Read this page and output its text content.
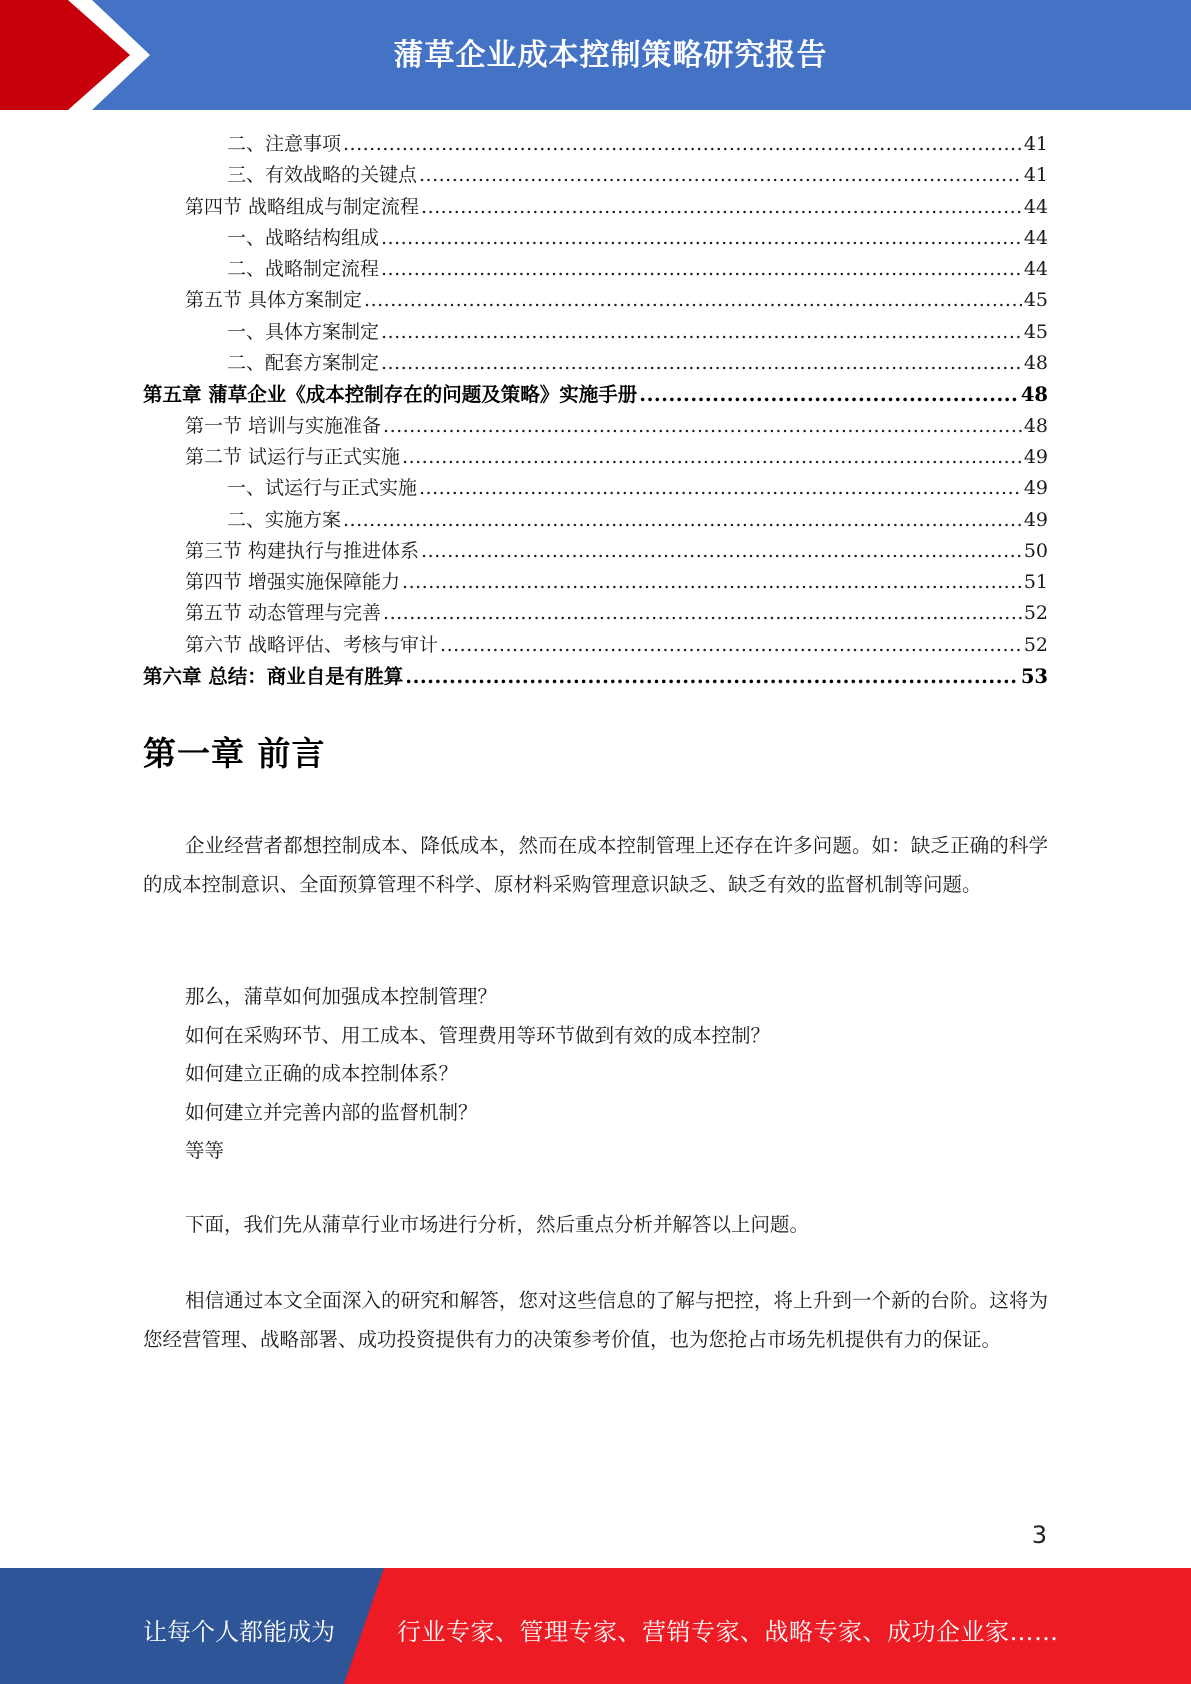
蒲草企业成本控制策略研究报告
二、注意事项 .....	41
三、有效战略的关键点 .....	41
第四节 战略组成与制定流程 .....	44
一、战略结构组成 .....	44
二、战略制定流程 .....	44
第五节 具体方案制定 .....	45
一、具体方案制定 .....	45
二、配套方案制定 .....	48
第五章 蒲草企业《成本控制存在的问题及策略》实施手册 .....	48
第一节 培训与实施准备 .....	48
第二节 试运行与正式实施 .....	49
一、试运行与正式实施 .....	49
二、实施方案 .....	49
第三节 构建执行与推进体系 .....	50
第四节 增强实施保障能力 .....	51
第五节 动态管理与完善 .....	52
第六节 战略评估、考核与审计 .....	52
第六章 总结：商业自是有胜算 .....	53
第一章 前言

企业经营者都想控制成本、降低成本，然而在成本控制管理上还存在许多问题。如：缺乏正确的科学的成本控制意识、全面预算管理不科学、原材料采购管理意识缺乏、缺乏有效的监督机制等问题。

那么，蒲草如何加强成本控制管理？
如何在采购环节、用工成本、管理费用等环节做到有效的成本控制？
如何建立正确的成本控制体系？
如何建立并完善内部的监督机制？
等等

下面，我们先从蒲草行业市场进行分析，然后重点分析并解答以上问题。

相信通过本文全面深入的研究和解答，您对这些信息的了解与把控，将上升到一个新的台阶。这将为您经营管理、战略部署、成功投资提供有力的决策参考价值，也为您抢占市场先机提供有力的保证。

3
让每个人都能成为	行业专家、管理专家、营销专家、战略专家、成功企业家……
